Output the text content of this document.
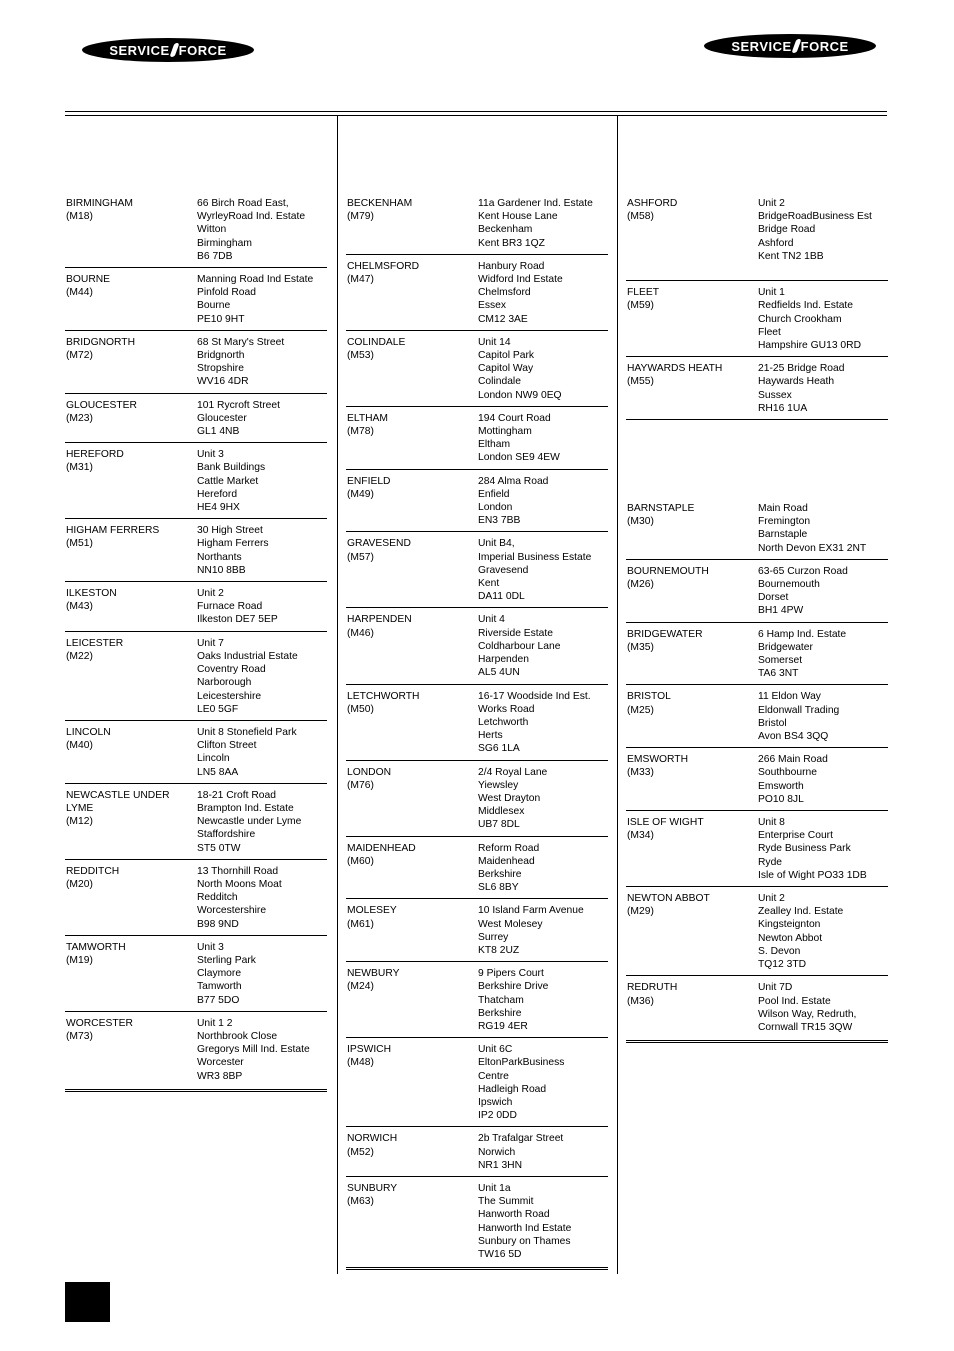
SERVICE FORCE	SERVICE FORCE
BIRMINGHAM
(M18)
66 Birch Road East,
WyrleyRoad Ind. Estate
Witton
Birmingham
B6 7DB
BOURNE
(M44)
Manning Road Ind Estate
Pinfold Road
Bourne
PE10 9HT
BRIDGNORTH
(M72)
68 St Mary's Street
Bridgnorth
Stropshire
WV16 4DR
GLOUCESTER
(M23)
101 Rycroft Street
Gloucester
GL1 4NB
HEREFORD
(M31)
Unit 3
Bank Buildings
Cattle Market
Hereford
HE4 9HX
HIGHAM FERRERS
(M51)
30 High Street
Higham Ferrers
Northants
NN10 8BB
ILKESTON
(M43)
Unit 2
Furnace Road
Ilkeston DE7 5EP
LEICESTER
(M22)
Unit 7
Oaks Industrial Estate
Coventry Road
Narborough
Leicestershire
LE0 5GF
LINCOLN
(M40)
Unit 8 Stonefield Park
Clifton Street
Lincoln
LN5 8AA
NEWCASTLE UNDER
LYME
(M12)
18-21 Croft Road
Brampton Ind. Estate
Newcastle under Lyme
Staffordshire
ST5 0TW
REDDITCH
(M20)
13 Thornhill Road
North Moons Moat
Redditch
Worcestershire
B98 9ND
TAMWORTH
(M19)
Unit 3
Sterling Park
Claymore
Tamworth
B77 5DO
WORCESTER
(M73)
Unit 1 2
Northbrook Close
Gregorys Mill Ind. Estate
Worcester
WR3 8BP
BECKENHAM
(M79)
11a Gardener Ind. Estate
Kent House Lane
Beckenham
Kent BR3 1QZ
CHELMSFORD
(M47)
Hanbury Road
Widford Ind Estate
Chelmsford
Essex
CM12 3AE
COLINDALE
(M53)
Unit 14
Capitol Park
Capitol Way
Colindale
London NW9 0EQ
ELTHAM
(M78)
194 Court Road
Mottingham
Eltham
London SE9 4EW
ENFIELD
(M49)
284 Alma Road
Enfield
London
EN3 7BB
GRAVESEND
(M57)
Unit B4,
Imperial Business Estate
Gravesend
Kent
DA11 0DL
HARPENDEN
(M46)
Unit 4
Riverside Estate
Coldharbour Lane
Harpenden
AL5 4UN
LETCHWORTH
(M50)
16-17 Woodside Ind Est.
Works Road
Letchworth
Herts
SG6 1LA
LONDON
(M76)
2/4 Royal Lane
Yiewsley
West Drayton
Middlesex
UB7 8DL
MAIDENHEAD
(M60)
Reform Road
Maidenhead
Berkshire
SL6 8BY
MOLESEY
(M61)
10 Island Farm Avenue
West Molesey
Surrey
KT8 2UZ
NEWBURY
(M24)
9 Pipers Court
Berkshire Drive
Thatcham
Berkshire
RG19 4ER
IPSWICH
(M48)
Unit 6C
EltonParkBusiness
Centre
Hadleigh Road
Ipswich
IP2 0DD
NORWICH
(M52)
2b Trafalgar Street
Norwich
NR1 3HN
SUNBURY
(M63)
Unit 1a
The Summit
Hanworth Road
Hanworth Ind Estate
Sunbury on Thames
TW16 5D
ASHFORD
(M58)
Unit 2
BridgeRoadBusiness Est
Bridge Road
Ashford
Kent TN2 1BB

FLEET
(M59)
Unit 1
Redfields Ind. Estate
Church Crookham
Fleet
Hampshire GU13 0RD
HAYWARDS HEATH
(M55)
21-25 Bridge Road
Haywards Heath
Sussex
RH16 1UA
BARNSTAPLE
(M30)
Main Road
Fremington
Barnstaple
North Devon EX31 2NT
BOURNEMOUTH
(M26)
63-65 Curzon Road
Bournemouth
Dorset
BH1 4PW
BRIDGEWATER
(M35)
6 Hamp Ind. Estate
Bridgewater
Somerset
TA6 3NT
BRISTOL
(M25)
11 Eldon Way
Eldonwall Trading
Bristol
Avon BS4 3QQ
EMSWORTH
(M33)
266 Main Road
Southbourne
Emsworth
PO10 8JL
ISLE OF WIGHT
(M34)
Unit 8
Enterprise Court
Ryde Business Park
Ryde
Isle of Wight PO33 1DB
NEWTON ABBOT
(M29)
Unit 2
Zealley Ind. Estate
Kingsteignton
Newton Abbot
S. Devon
TQ12 3TD
REDRUTH
(M36)
Unit 7D
Pool Ind. Estate
Wilson Way, Redruth,
Cornwall TR15 3QW
